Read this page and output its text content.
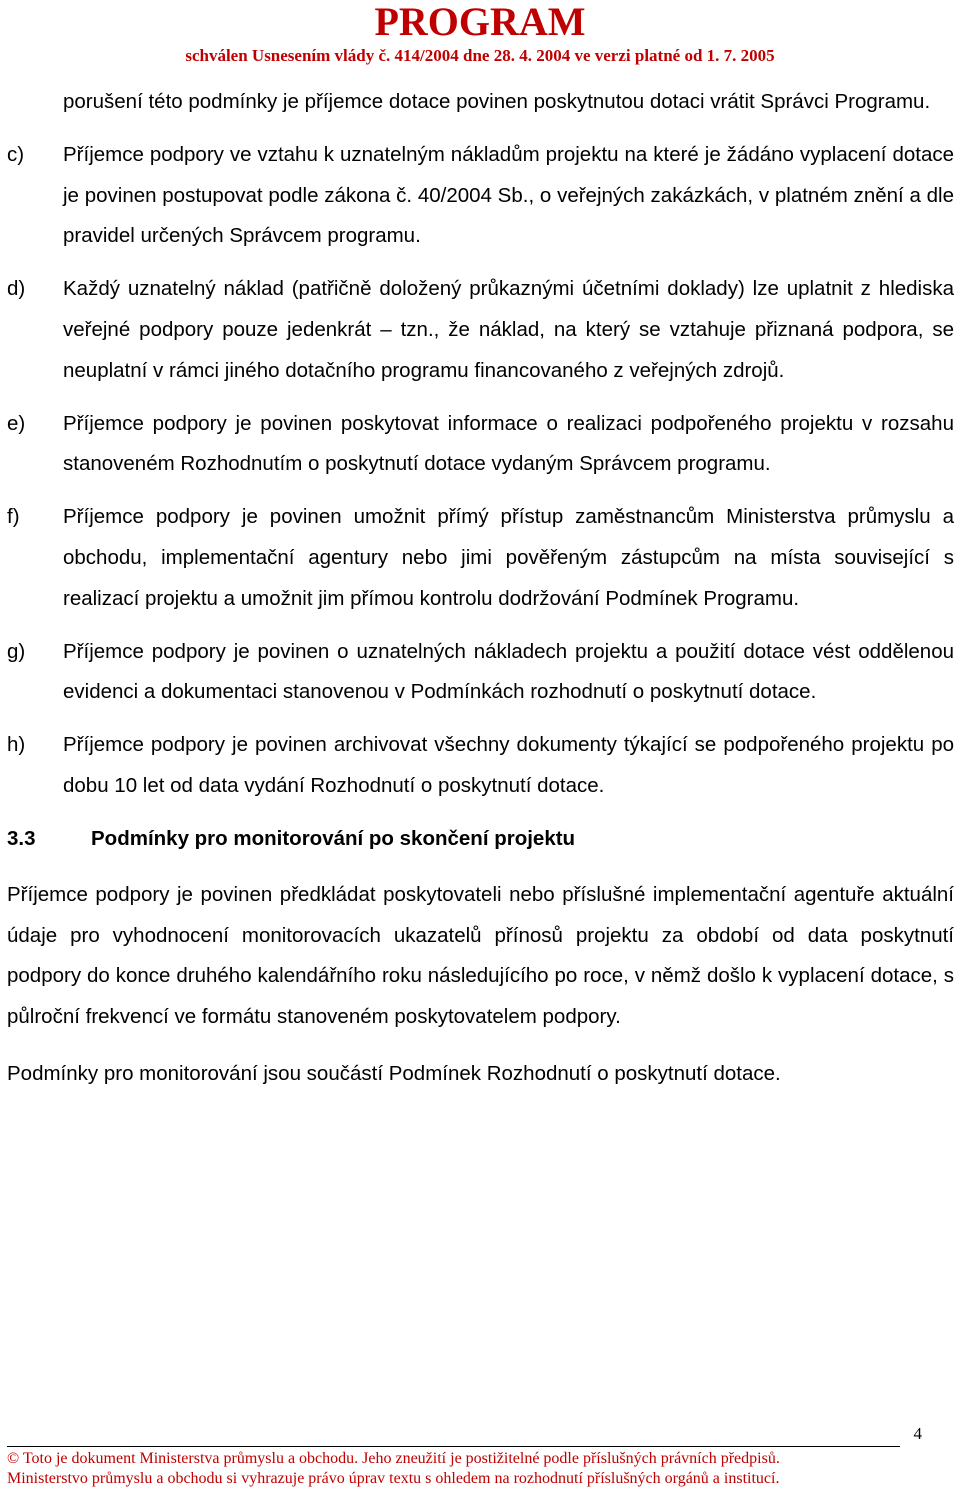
PROGRAM
schválen Usnesením vlády č. 414/2004 dne 28. 4. 2004 ve verzi platné od 1. 7. 2005
porušení této podmínky je příjemce dotace povinen poskytnutou dotaci vrátit Správci Programu.
c)	Příjemce podpory ve vztahu k uznatelným nákladům projektu na které je žádáno vyplacení dotace je povinen postupovat podle zákona č. 40/2004 Sb., o veřejných zakázkách, v platném znění a dle pravidel určených Správcem programu.
d)	Každý uznatelný náklad (patřičně doložený průkaznými účetními doklady) lze uplatnit z hlediska veřejné podpory pouze jedenkrát – tzn., že náklad, na který se vztahuje přiznaná podpora, se neuplatní v rámci jiného dotačního programu financovaného z veřejných zdrojů.
e)	Příjemce podpory je povinen poskytovat informace o realizaci podpořeného projektu v rozsahu stanoveném Rozhodnutím o poskytnutí dotace vydaným Správcem programu.
f)	Příjemce podpory je povinen umožnit přímý přístup zaměstnancům Ministerstva průmyslu a obchodu, implementační agentury nebo jimi pověřeným zástupcům na místa související s realizací projektu a umožnit jim přímou kontrolu dodržování Podmínek Programu.
g)	Příjemce podpory je povinen o uznatelných nákladech projektu a použití dotace vést oddělenou evidenci a dokumentaci stanovenou v Podmínkách rozhodnutí o poskytnutí dotace.
h)	Příjemce podpory je povinen archivovat všechny dokumenty týkající se podpořeného projektu po dobu 10 let od data vydání Rozhodnutí o poskytnutí dotace.
3.3	Podmínky pro monitorování po skončení projektu
Příjemce podpory je povinen předkládat poskytovateli nebo příslušné implementační agentuře aktuální údaje pro vyhodnocení monitorovacích ukazatelů přínosů projektu za období od data poskytnutí podpory do konce druhého kalendářního roku následujícího po roce, v němž došlo k vyplacení dotace, s půlroční frekvencí ve formátu stanoveném poskytovatelem podpory.
Podmínky pro monitorování jsou součástí Podmínek Rozhodnutí o poskytnutí dotace.
4
© Toto je dokument Ministerstva průmyslu a obchodu. Jeho zneužití je postižitelné podle příslušných právních předpisů.
Ministerstvo průmyslu a obchodu si vyhrazuje právo úprav textu s ohledem na rozhodnutí příslušných orgánů a institucí.
